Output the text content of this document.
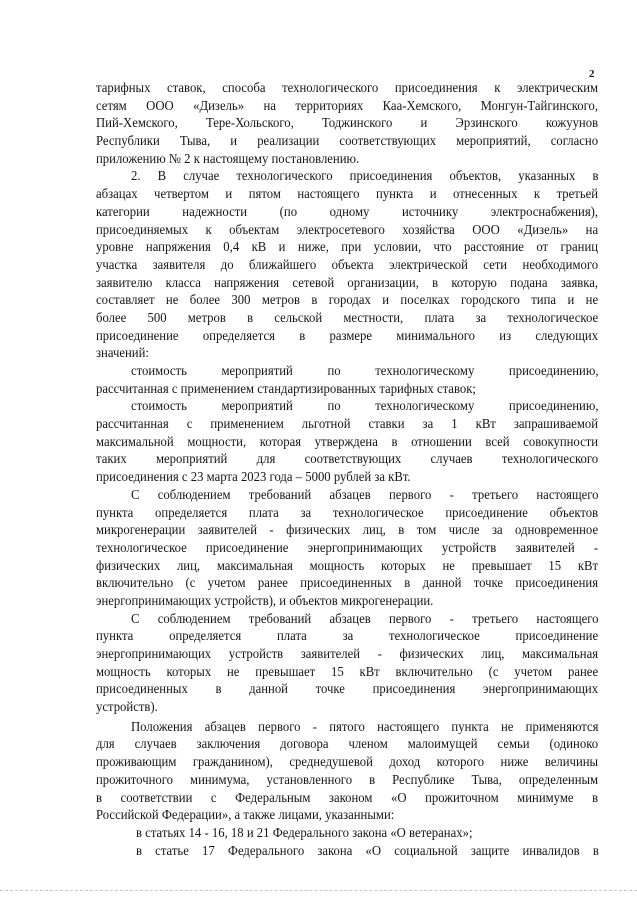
2
тарифных ставок, способа технологического присоединения к электрическим
сетям ООО «Дизель» на территориях Каа-Хемского, Монгун-Тайгинского,
Пий-Хемского, Тере-Хольского, Тоджинского и Эрзинского кожуунов
Республики Тыва, и реализации соответствующих мероприятий, согласно
приложению № 2 к настоящему постановлению.
2. В случае технологического присоединения объектов, указанных в
абзацах четвертом и пятом настоящего пункта и отнесенных к третьей
категории надежности (по одному источнику электроснабжения),
присоединяемых к объектам электросетевого хозяйства ООО «Дизель» на
уровне напряжения 0,4 кВ и ниже, при условии, что расстояние от границ
участка заявителя до ближайшего объекта электрической сети необходимого
заявителю класса напряжения сетевой организации, в которую подана заявка,
составляет не более 300 метров в городах и поселках городского типа и не
более 500 метров в сельской местности, плата за технологическое
присоединение определяется в размере минимального из следующих
значений:
стоимость мероприятий по технологическому присоединению,
рассчитанная с применением стандартизированных тарифных ставок;
стоимость мероприятий по технологическому присоединению,
рассчитанная с применением льготной ставки за 1 кВт запрашиваемой
максимальной мощности, которая утверждена в отношении всей совокупности
таких мероприятий для соответствующих случаев технологического
присоединения с 23 марта 2023 года – 5000 рублей за кВт.
С соблюдением требований абзацев первого - третьего настоящего
пункта определяется плата за технологическое присоединение объектов
микрогенерации заявителей - физических лиц, в том числе за одновременное
технологическое присоединение энергопринимающих устройств заявителей -
физических лиц, максимальная мощность которых не превышает 15 кВт
включительно (с учетом ранее присоединенных в данной точке присоединения
энергопринимающих устройств), и объектов микрогенерации.
С соблюдением требований абзацев первого - третьего настоящего
пункта определяется плата за технологическое присоединение
энергопринимающих устройств заявителей - физических лиц, максимальная
мощность которых не превышает 15 кВт включительно (с учетом ранее
присоединенных в данной точке присоединения энергопринимающих
устройств).
Положения абзацев первого - пятого настоящего пункта не применяются
для случаев заключения договора членом малоимущей семьи (одиноко
проживающим гражданином), среднедушевой доход которого ниже величины
прожиточного минимума, установленного в Республике Тыва, определенным
в соответствии с Федеральным законом «О прожиточном минимуме в
Российской Федерации», а также лицами, указанными:
в статьях 14 - 16, 18 и 21 Федерального закона «О ветеранах»;
в статье 17 Федерального закона «О социальной защите инвалидов в
